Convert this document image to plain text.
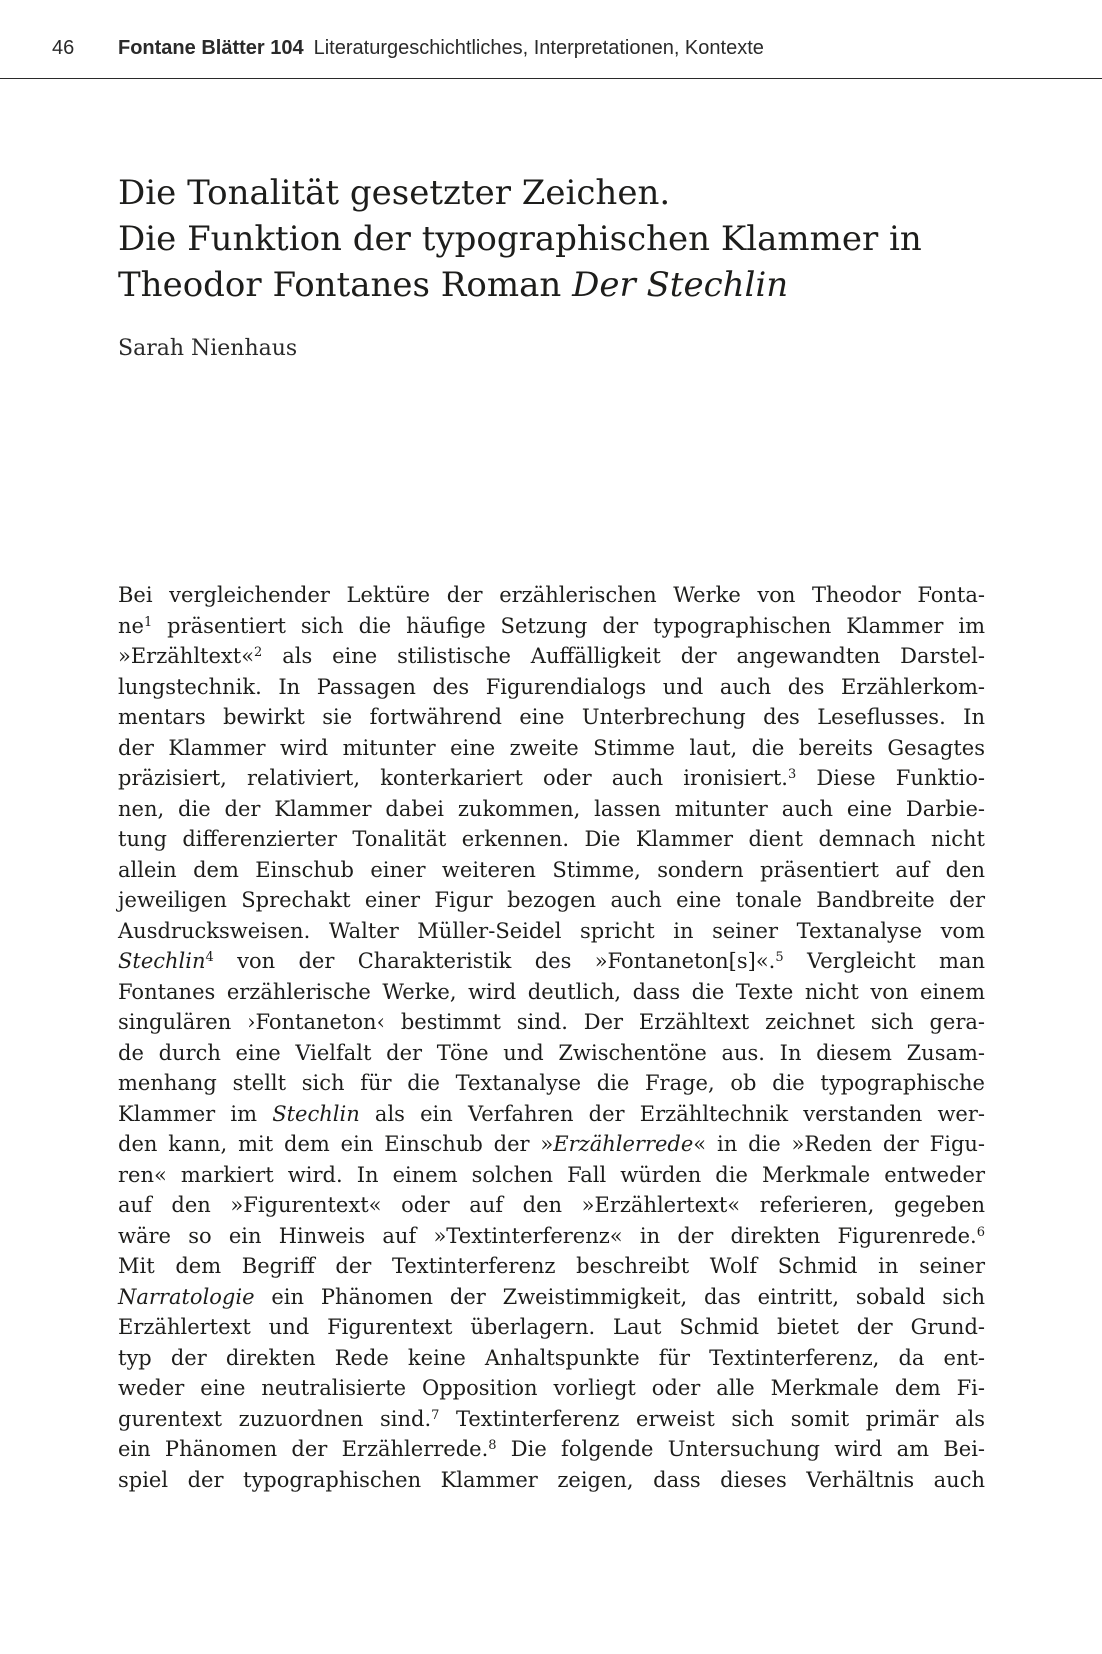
46 Fontane Blätter 104 Literaturgeschichtliches, Interpretationen, Kontexte
Die Tonalität gesetzter Zeichen.
Die Funktion der typographischen Klammer in
Theodor Fontanes Roman Der Stechlin
Sarah Nienhaus
Bei vergleichender Lektüre der erzählerischen Werke von Theodor Fonta-
$ne^1$ präsentiert sich die häufige Setzung der typographischen Klammer im
»Erzähltext«$^2$ als eine stilistische Auffälligkeit der angewandten Darstel-
lungstechnik. In Passagen des Figurendialogs und auch des Erzählerkom-
mentars bewirkt sie fortwährend eine Unterbrechung des Leseflusses. In
der Klammer wird mitunter eine zweite Stimme laut, die bereits Gesagtes
präzisiert, relativiert, konterkariert oder auch ironisiert.$^3$ Diese Funktio-
nen, die der Klammer dabei zukommen, lassen mitunter auch eine Darbie-
tung differenzierter Tonalität erkennen. Die Klammer dient demnach nicht
allein dem Einschub einer weiteren Stimme, sondern präsentiert auf den
jeweiligen Sprechakt einer Figur bezogen auch eine tonale Bandbreite der
Ausdrucksweisen. Walter Müller-Seidel spricht in seiner Textanalyse vom
Stechlin$^4$ von der Charakteristik des »Fontaneton[s]«.$^5$ Vergleicht man
Fontanes erzählerische Werke, wird deutlich, dass die Texte nicht von einem
singulären ›Fontaneton‹ bestimmt sind. Der Erzähltext zeichnet sich gera-
de durch eine Vielfalt der Töne und Zwischentöne aus. In diesem Zusam-
menhang stellt sich für die Textanalyse die Frage, ob die typographische
Klammer im Stechlin als ein Verfahren der Erzähltechnik verstanden wer-
den kann, mit dem ein Einschub der »Erzählerrede« in die »Reden der Figu-
ren« markiert wird. In einem solchen Fall würden die Merkmale entweder
auf den »Figurentext« oder auf den »Erzählertext« referieren, gegeben
wäre so ein Hinweis auf »Textinterferenz« in der direkten Figurenrede.$^6$
Mit dem Begriff der Textinterferenz beschreibt Wolf Schmid in seiner
Narratologie ein Phänomen der Zweistimmigkeit, das eintritt, sobald sich
Erzählertext und Figurentext überlagern. Laut Schmid bietet der Grund-
typ der direkten Rede keine Anhaltspunkte für Textinterferenz, da ent-
weder eine neutralisierte Opposition vorliegt oder alle Merkmale dem Fi-
gurentext zuzuordnen sind.$^7$ Textinterferenz erweist sich somit primär als
ein Phänomen der Erzählerrede.$^8$ Die folgende Untersuchung wird am Bei-
spiel der typographischen Klammer zeigen, dass dieses Verhältnis auch
